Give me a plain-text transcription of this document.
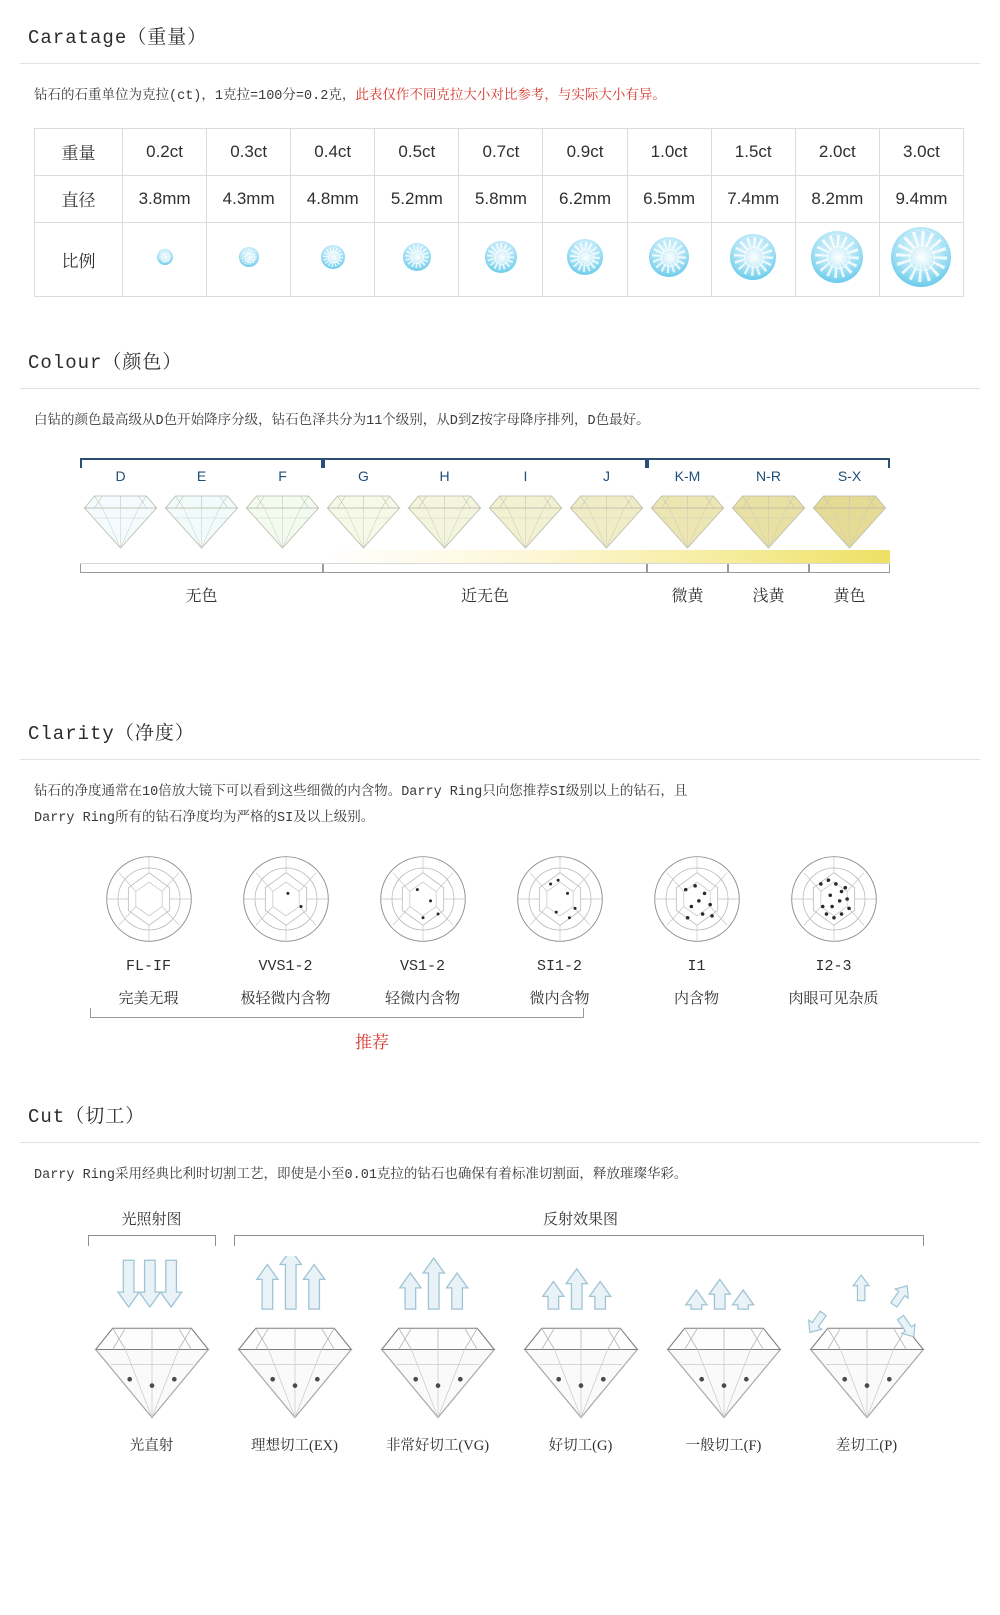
Caratage（重量）
钻石的石重单位为克拉(ct)，1克拉=100分=0.2克，此表仅作不同克拉大小对比参考，与实际大小有异。
重量	0.2ct	0.3ct	0.4ct	0.5ct	0.7ct	0.9ct	1.0ct	1.5ct	2.0ct	3.0ct
直径	3.8mm	4.3mm	4.8mm	5.2mm	5.8mm	6.2mm	6.5mm	7.4mm	8.2mm	9.4mm
比例										
Colour（颜色）
白钻的颜色最高级从D色开始降序分级，钻石色泽共分为11个级别，从D到Z按字母降序排列，D色最好。
D	E	F	G	H	I	J	K-M	N-R	S-X
无色	近无色	微黄	浅黄	黄色
Clarity（净度）
钻石的净度通常在10倍放大镜下可以看到这些细微的内含物。Darry Ring只向您推荐SI级别以上的钻石，且
Darry Ring所有的钻石净度均为严格的SI及以上级别。
FL-IF
完美无瑕
VVS1-2
极轻微内含物
VS1-2
轻微内含物
SI1-2
微内含物
I1
内含物
I2-3
肉眼可见杂质
推荐
Cut（切工）
Darry Ring采用经典比利时切割工艺，即使是小至0.01克拉的钻石也确保有着标准切割面，释放璀璨华彩。
光照射图	反射效果图
光直射	理想切工(EX)	非常好切工(VG)	好切工(G)	一般切工(F)	差切工(P)
